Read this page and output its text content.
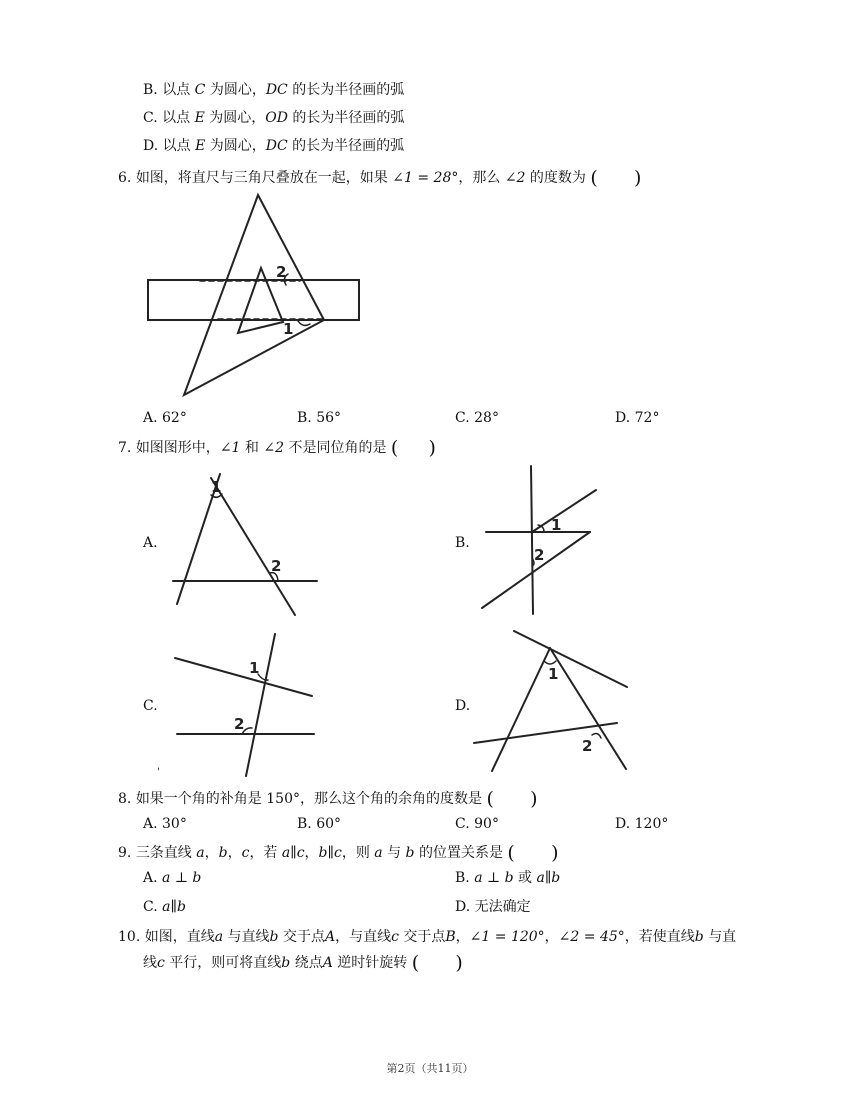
B. 以点 C 为圆心，DC 的长为半径画的弧
C. 以点 E 为圆心，OD 的长为半径画的弧
D. 以点 E 为圆心，DC 的长为半径画的弧
6. 如图，将直尺与三角尺叠放在一起，如果 ∠1 = 28°，那么 ∠2 的度数为 (      )
2
1
A. 62°	B. 56°	C. 28°	D. 72°
7. 如图图形中，∠1 和 ∠2 不是同位角的是 (     )
A.
1
2
B.
1
2
C.
1
2
'
D.
1
2
8. 如果一个角的补角是 150°，那么这个角的余角的度数是 (      )
A. 30°	B. 60°	C. 90°	D. 120°
9. 三条直线 a，b，c，若 a∥c，b∥c，则 a 与 b 的位置关系是 (      )
A. a ⊥ b	B. a ⊥ b 或 a∥b
C. a∥b	D. 无法确定
10. 如图，直线a 与直线b 交于点A，与直线c 交于点B，∠1 = 120°，∠2 = 45°，若使直线b 与直
线c 平行，则可将直线b 绕点A 逆时针旋转 (      )
第2页（共11页）
